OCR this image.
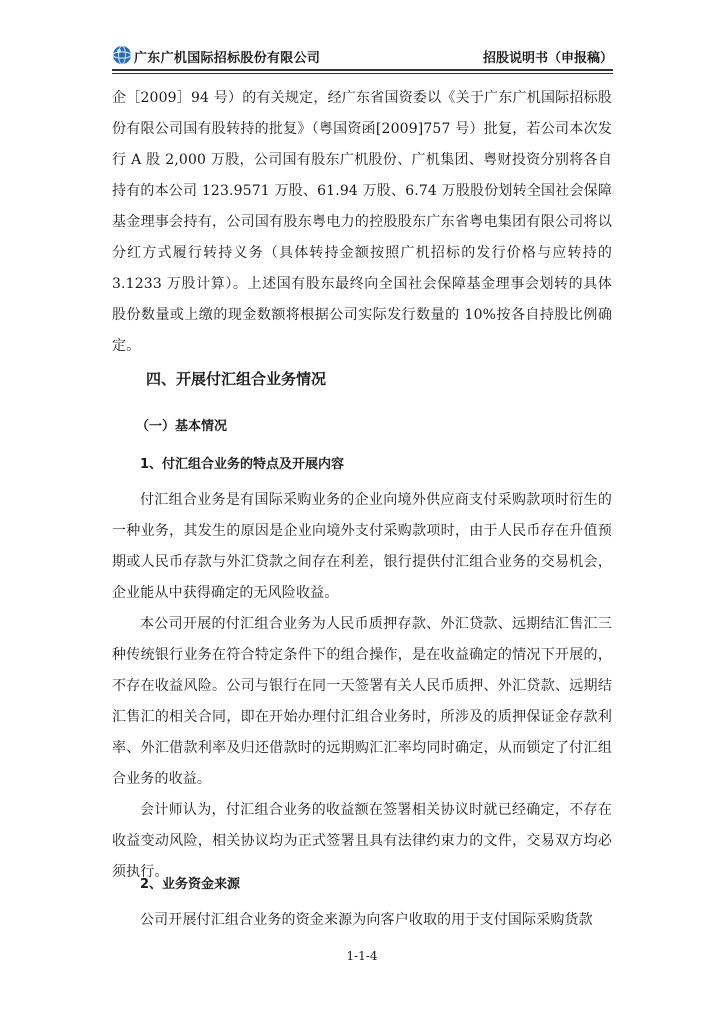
广东广机国际招标股份有限公司	招股说明书（申报稿）

企［2009］94 号）的有关规定，经广东省国资委以《关于广东广机国际招标股份有限公司国有股转持的批复》（粤国资函[2009]757 号）批复，若公司本次发行 A 股 2,000 万股，公司国有股东广机股份、广机集团、粤财投资分别将各自持有的本公司 123.9571 万股、61.94 万股、6.74 万股股份划转全国社会保障基金理事会持有，公司国有股东粤电力的控股股东广东省粤电集团有限公司将以分红方式履行转持义务（具体转持金额按照广机招标的发行价格与应转持的 3.1233 万股计算）。上述国有股东最终向全国社会保障基金理事会划转的具体股份数量或上缴的现金数额将根据公司实际发行数量的 10%按各自持股比例确定。

四、开展付汇组合业务情况
（一）基本情况
1、付汇组合业务的特点及开展内容

付汇组合业务是有国际采购业务的企业向境外供应商支付采购款项时衍生的一种业务，其发生的原因是企业向境外支付采购款项时，由于人民币存在升值预期或人民币存款与外汇贷款之间存在利差，银行提供付汇组合业务的交易机会，企业能从中获得确定的无风险收益。

本公司开展的付汇组合业务为人民币质押存款、外汇贷款、远期结汇售汇三种传统银行业务在符合特定条件下的组合操作，是在收益确定的情况下开展的，不存在收益风险。公司与银行在同一天签署有关人民币质押、外汇贷款、远期结汇售汇的相关合同，即在开始办理付汇组合业务时，所涉及的质押保证金存款利率、外汇借款利率及归还借款时的远期购汇汇率均同时确定，从而锁定了付汇组合业务的收益。

会计师认为，付汇组合业务的收益额在签署相关协议时就已经确定，不存在收益变动风险，相关协议均为正式签署且具有法律约束力的文件，交易双方均必须执行。

2、业务资金来源

公司开展付汇组合业务的资金来源为向客户收取的用于支付国际采购货款

1-1-4
